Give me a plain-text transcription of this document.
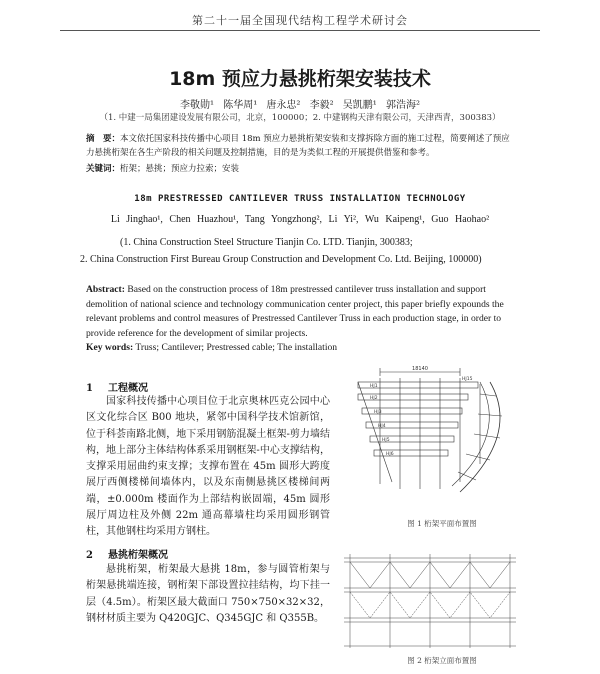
第二十一届全国现代结构工程学术研讨会
18m 预应力悬挑桁架安装技术
李敬勋¹ 陈华周¹ 唐永忠² 李毅² 吴凯鹏¹ 郭浩海²
（1. 中建一局集团建设发展有限公司，北京，100000；2. 中建钢构天津有限公司，天津西青，300383）
摘　要：本文依托国家科技传播中心项目 18m 预应力悬挑桁架安装和支撑拆除方面的施工过程，简要阐述了预应力悬挑桁架在各生产阶段的相关问题及控制措施，目的是为类似工程的开展提供借鉴和参考。
关键词：桁架；悬挑；预应力拉索；安装
18m PRESTRESSED CANTILEVER TRUSS INSTALLATION TECHNOLOGY
Li Jinghao¹, Chen Huazhou¹, Tang Yongzhong², Li Yi², Wu Kaipeng¹, Guo Haohao²
(1. China Construction Steel Structure Tianjin Co. LTD. Tianjin, 300383;
2. China Construction First Bureau Group Construction and Development Co. Ltd. Beijing, 100000)
Abstract: Based on the construction process of 18m prestressed cantilever truss installation and support demolition of national science and technology communication center project, this paper briefly expounds the relevant problems and control measures of Prestressed Cantilever Truss in each production stage, in order to provide reference for the development of similar projects.
Key words: Truss; Cantilever; Prestressed cable; The installation
1 工程概况
国家科技传播中心项目位于北京奥林匹克公园中心区文化综合区 B00 地块，紧邻中国科学技术馆新馆，位于科荟南路北侧，地下采用钢筋混凝土框架-剪力墙结构，地上部分主体结构体系采用钢框架-中心支撑结构，支撑采用屈曲约束支撑；支撑布置在 45m 圆形大跨度展厅西侧楼梯间墙体内，以及东南侧悬挑区楼梯间两端，±0.000m 楼面作为上部结构嵌固端，45m 圆形展厅周边柱及外侧 22m 通高幕墙柱均采用圆形钢管柱，其他钢柱均采用方钢柱。
2 悬挑桁架概况
悬挑桁架，桁架最大悬挑 18m，参与圆管桁架与桁架悬挑端连接，钢桁架下部设置拉挂结构，均下挂一层（4.5m）。桁架区最大截面口 750×750×32×32，钢材材质主要为 Q420GJC、Q345GJC 和 Q355B。
18140
HJ1
HJ2
HJ3
HJ4
HJ5
HJ6
HJ15
图 1 桁架平面布置图
图 2 桁架立面布置图
